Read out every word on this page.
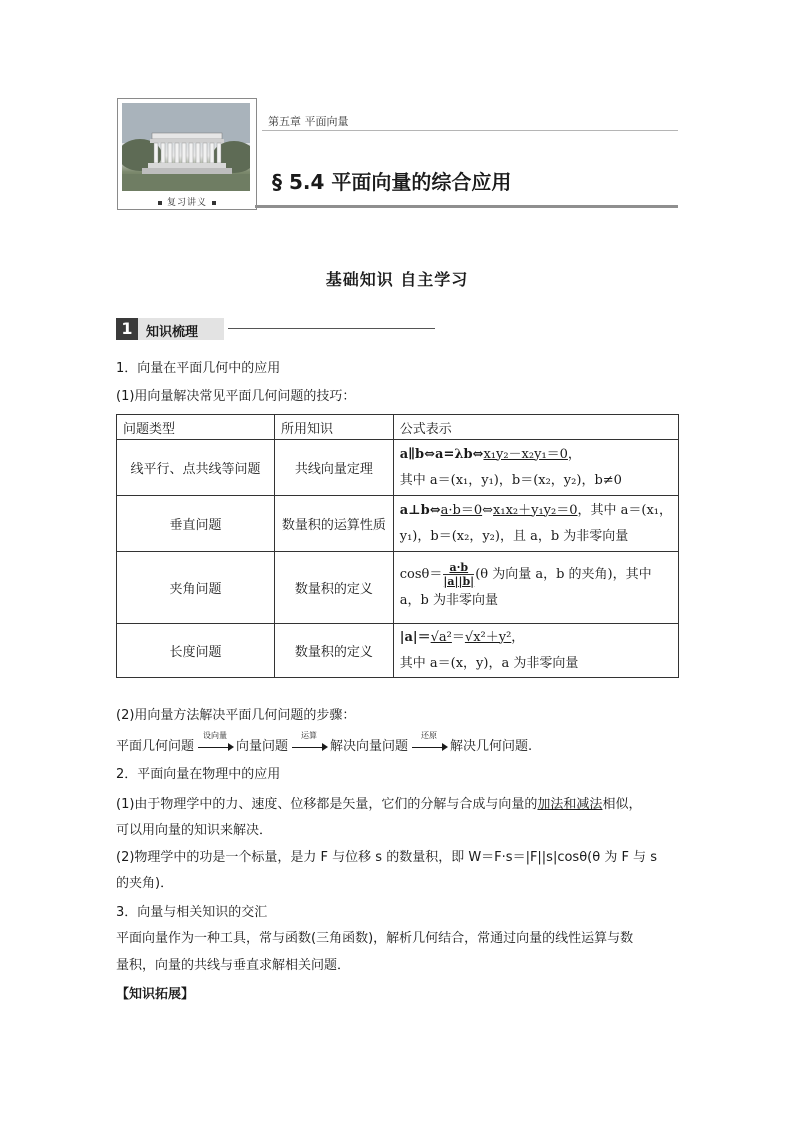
复习讲义
第五章 平面向量
§ 5.4 平面向量的综合应用
基础知识 自主学习
1	知识梳理
1．向量在平面几何中的应用
(1)用向量解决常见平面几何问题的技巧：
问题类型	所用知识	公式表示
线平行、点共线等问题	共线向量定理	a∥b⇔a=λb⇔x₁y₂－x₂y₁＝0，
其中 a＝(x₁，y₁)，b＝(x₂，y₂)，b≠0

垂直问题	数量积的运算性质	a⊥b⇔a·b＝0⇔x₁x₂＋y₁y₂＝0，其中 a＝(x₁，
y₁)，b＝(x₂，y₂)，且 a，b 为非零向量

夹角问题	数量积的定义	$\cos\theta= \frac{a\cdot b}{|a||b|} (\theta$ 为向量 a，b 的夹角)，其中
a，b 为非零向量

长度问题	数量积的定义	|a|＝√a²＝√x²＋y²，
其中 a＝(x，y)，a 为非零向量
(2)用向量方法解决平面几何问题的步骤：
平面几何问题
设向量
向量问题
运算
解决向量问题
还原
解决几何问题.
2．平面向量在物理中的应用
(1)由于物理学中的力、速度、位移都是矢量，它们的分解与合成与向量的加法和减法相似，
可以用向量的知识来解决．
(2)物理学中的功是一个标量，是力 F 与位移 s 的数量积，即 W＝F·s＝|F||s|cosθ(θ 为 F 与 s
的夹角)．
3．向量与相关知识的交汇
平面向量作为一种工具，常与函数(三角函数)，解析几何结合，常通过向量的线性运算与数
量积，向量的共线与垂直求解相关问题．
【知识拓展】
